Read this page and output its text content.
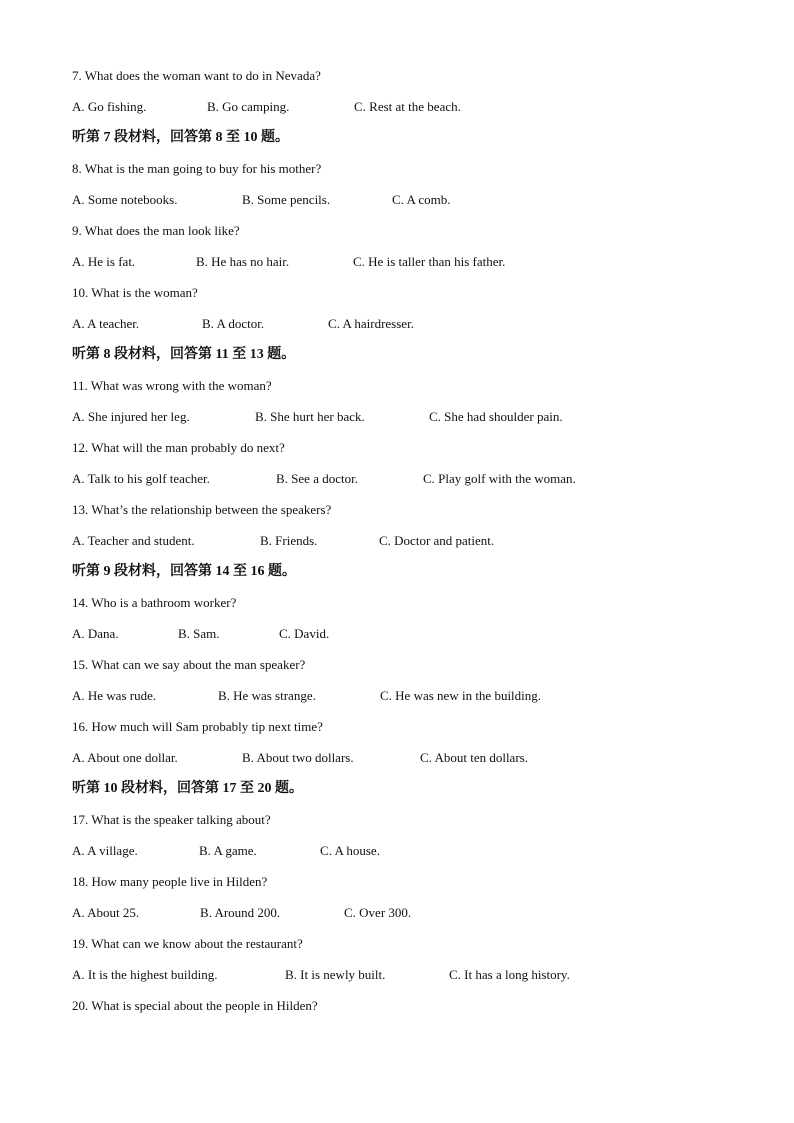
7. What does the woman want to do in Nevada?
A. Go fishing.	B. Go camping.	C. Rest at the beach.
听第 7 段材料，回答第 8 至 10 题。
8. What is the man going to buy for his mother?
A. Some notebooks.	B. Some pencils.	C. A comb.
9. What does the man look like?
A. He is fat.	B. He has no hair.	C. He is taller than his father.
10. What is the woman?
A. A teacher.	B. A doctor.	C. A hairdresser.
听第 8 段材料，回答第 11 至 13 题。
11. What was wrong with the woman?
A. She injured her leg.	B. She hurt her back.	C. She had shoulder pain.
12. What will the man probably do next?
A. Talk to his golf teacher.	B. See a doctor.	C. Play golf with the woman.
13. What’s the relationship between the speakers?
A. Teacher and student.	B. Friends.	C. Doctor and patient.
听第 9 段材料，回答第 14 至 16 题。
14. Who is a bathroom worker?
A. Dana.	B. Sam.	C. David.
15. What can we say about the man speaker?
A. He was rude.	B. He was strange.	C. He was new in the building.
16. How much will Sam probably tip next time?
A. About one dollar.	B. About two dollars.	C. About ten dollars.
听第 10 段材料，回答第 17 至 20 题。
17. What is the speaker talking about?
A. A village.	B. A game.	C. A house.
18. How many people live in Hilden?
A. About 25.	B. Around 200.	C. Over 300.
19. What can we know about the restaurant?
A. It is the highest building.	B. It is newly built.	C. It has a long history.
20. What is special about the people in Hilden?
